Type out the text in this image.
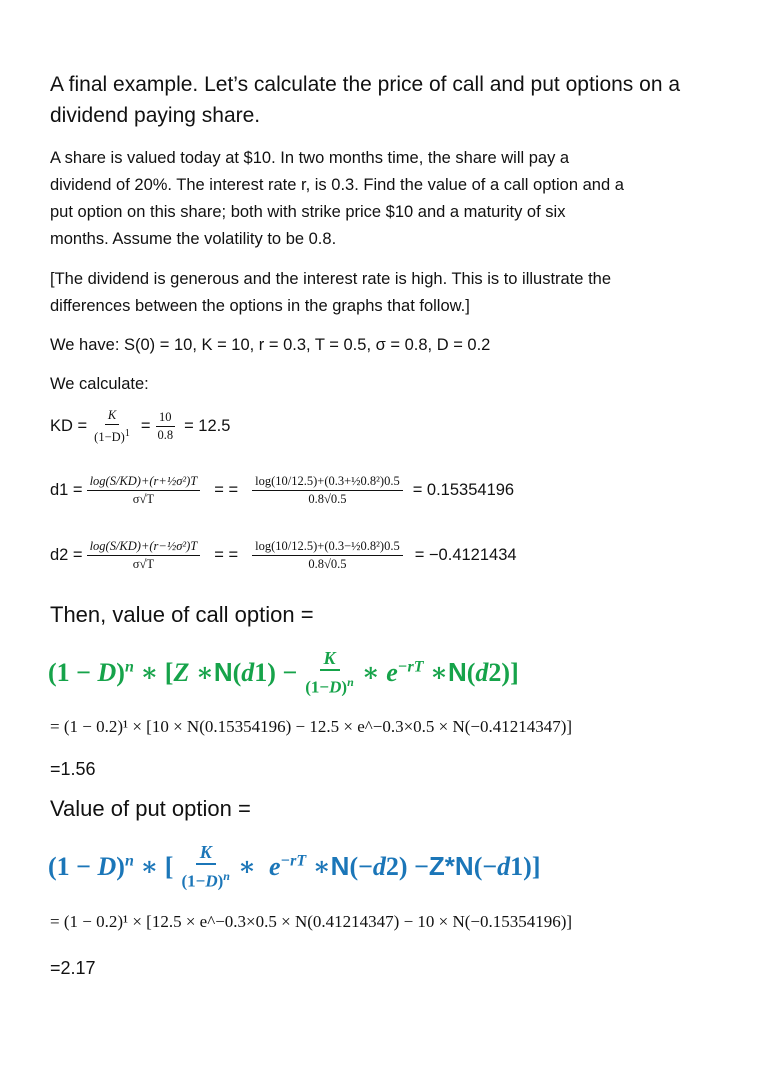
A final example. Let’s calculate the price of call and put options on a
dividend paying share.
A share is valued today at $10. In two months time, the share will pay a
dividend of 20%. The interest rate r, is 0.3. Find the value of a call option and a
put option on this share; both with strike price $10 and a maturity of six
months. Assume the volatility to be 0.8.
[The dividend is generous and the interest rate is high. This is to illustrate the
differences between the options in the graphs that follow.]
We have: S(0) = 10, K = 10, r = 0.3, T = 0.5, σ = 0.8, D = 0.2
We calculate:
KD = $\frac{K}{(1-D)^1} = \frac{10}{0.8} = 12.5$
$d1 = \frac{\text{log(S/KD)+(r+½σ²)T}}{\sigma√T}$ = = $\frac{\text{log(10/12.5)+(0.3+½0.8²)0.5}}{0.8√0.5} = 0.15354196$
$d2 = \frac{\text{log(S/KD)+(r−½σ²)T}}{\sigma√T}$ = = $\frac{\text{log(10/12.5)+(0.3−½0.8²)0.5}}{0.8√0.5} = -0.4121434$
Then, value of call option =
$(1 - D)^n$ ∗ [Z ∗N(d1) − $\frac{K}{(1-D)^n}$ ∗ $e^{-rT}$ ∗N(d2)]
= (1 − 0.2)¹ × [10 × N(0.15354196) − 12.5 × e^−0.3×0.5 × N(−0.41214347)]
=1.56
Value of put option =
$(1 - D)^n$ ∗ [ $\frac{K}{(1-D)^n}$ ∗  $e^{-rT}$ ∗N(−d2) −Z*N(−d1)]
= (1 − 0.2)¹ × [12.5 × e^−0.3×0.5 × N(0.41214347) − 10 × N(−0.15354196)]
=2.17
